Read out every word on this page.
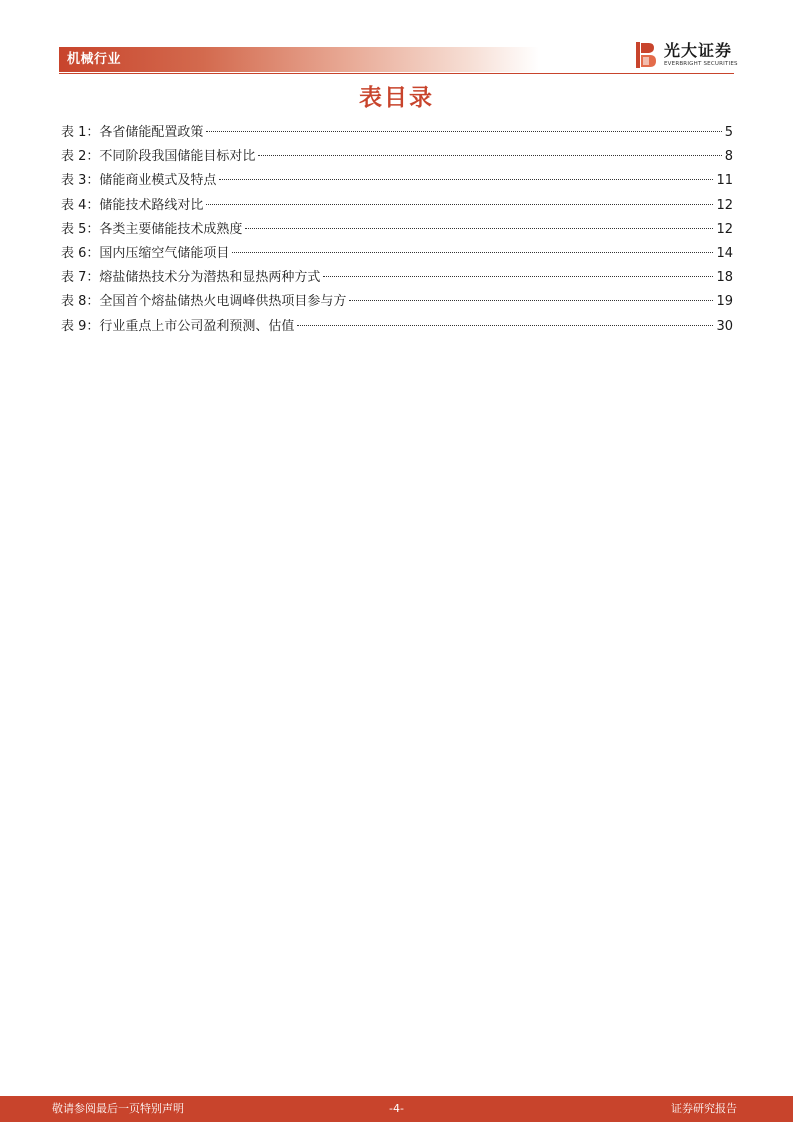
机械行业	光大证券
EVERBRIGHT SECURITIES
表目录
表 1： 各省储能配置政策	5
表 2： 不同阶段我国储能目标对比	8
表 3： 储能商业模式及特点	11
表 4： 储能技术路线对比	12
表 5： 各类主要储能技术成熟度	12
表 6： 国内压缩空气储能项目	14
表 7： 熔盐储热技术分为潜热和显热两种方式	18
表 8： 全国首个熔盐储热火电调峰供热项目参与方	19
表 9： 行业重点上市公司盈利预测、估值	30
-4-
敬请参阅最后一页特别声明	证券研究报告
